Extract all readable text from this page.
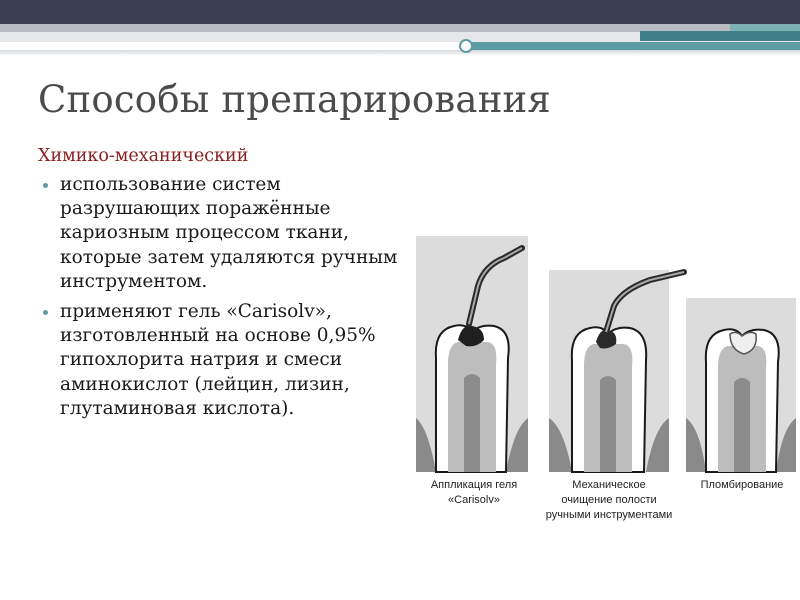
Способы препарирования

Химико-механический

использование систем разрушающих поражённые кариозным процессом ткани, которые затем удаляются ручным инструментом.
применяют гель «Carisolv», изготовленный на основе 0,95% гипохлорита натрия и смеси аминокислот (лейцин, лизин, глутаминовая кислота).
Аппликация геля
«Carisolv»
Механическое
очищение полости
ручными инструментами
Пломбирование
